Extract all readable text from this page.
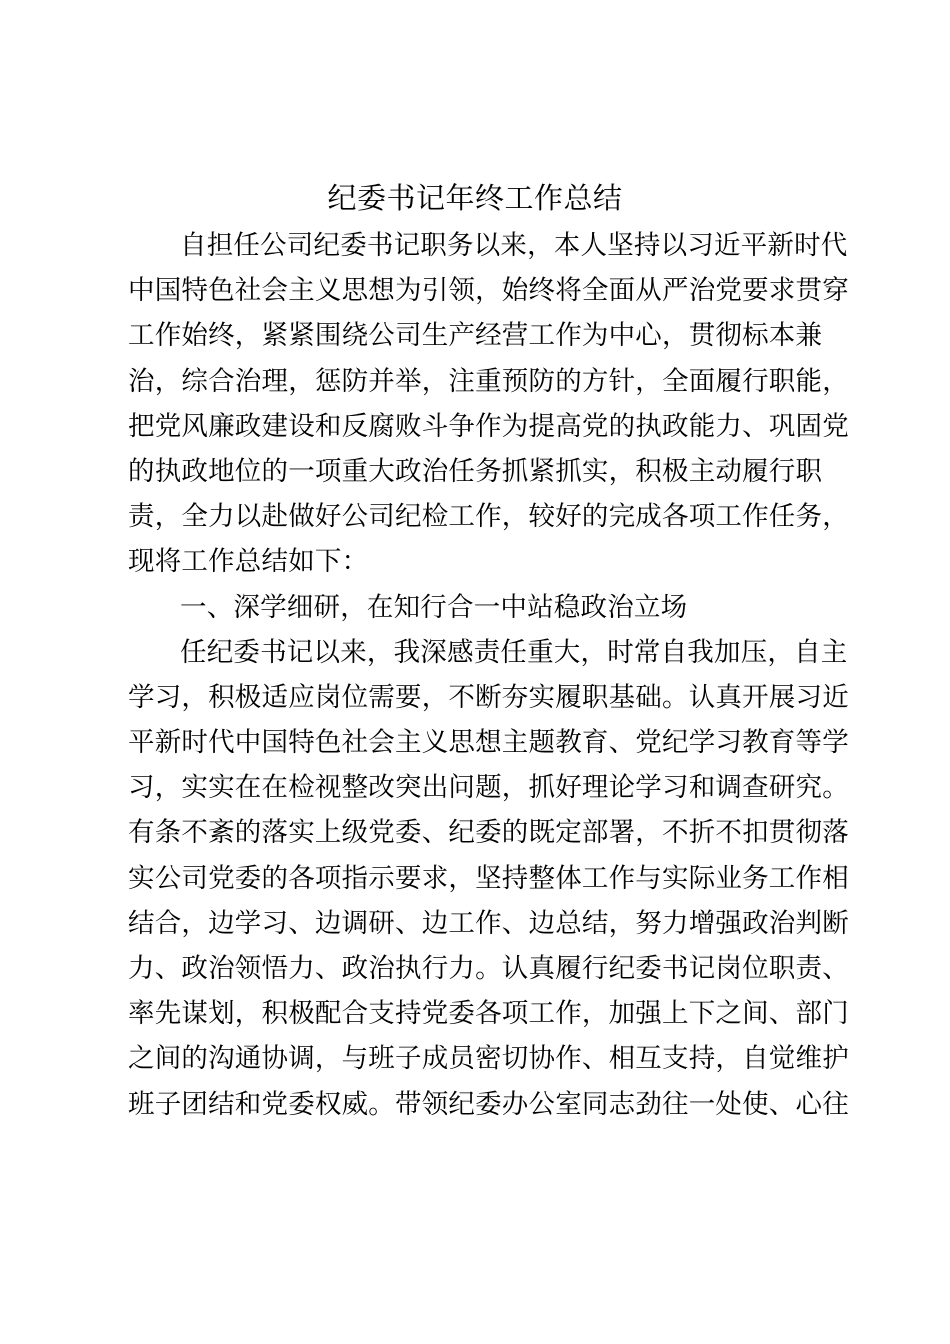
纪委书记年终工作总结
自担任公司纪委书记职务以来，本人坚持以习近平新时代
中国特色社会主义思想为引领，始终将全面从严治党要求贯穿
工作始终，紧紧围绕公司生产经营工作为中心，贯彻标本兼
治，综合治理，惩防并举，注重预防的方针，全面履行职能，
把党风廉政建设和反腐败斗争作为提高党的执政能力、巩固党
的执政地位的一项重大政治任务抓紧抓实，积极主动履行职
责，全力以赴做好公司纪检工作，较好的完成各项工作任务，
现将工作总结如下：
一、深学细研，在知行合一中站稳政治立场
任纪委书记以来，我深感责任重大，时常自我加压，自主
学习，积极适应岗位需要，不断夯实履职基础。认真开展习近
平新时代中国特色社会主义思想主题教育、党纪学习教育等学
习，实实在在检视整改突出问题，抓好理论学习和调查研究。
有条不紊的落实上级党委、纪委的既定部署，不折不扣贯彻落
实公司党委的各项指示要求，坚持整体工作与实际业务工作相
结合，边学习、边调研、边工作、边总结，努力增强政治判断
力、政治领悟力、政治执行力。认真履行纪委书记岗位职责、
率先谋划，积极配合支持党委各项工作，加强上下之间、部门
之间的沟通协调，与班子成员密切协作、相互支持，自觉维护
班子团结和党委权威。带领纪委办公室同志劲往一处使、心往
